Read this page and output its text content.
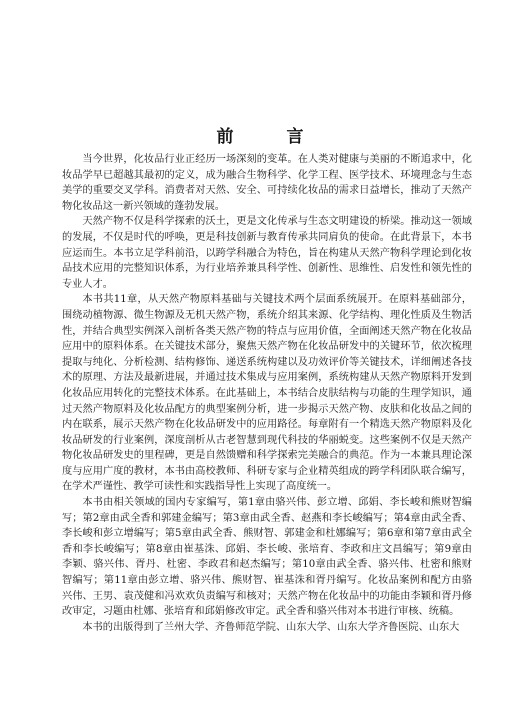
前　言

当今世界，化妆品行业正经历一场深刻的变革。在人类对健康与美丽的不断追求中，化妆品学早已超越其最初的定义，成为融合生物科学、化学工程、医学技术、环境理念与生态美学的重要交叉学科。消费者对天然、安全、可持续化妆品的需求日益增长，推动了天然产物化妆品这一新兴领域的蓬勃发展。

天然产物不仅是科学探索的沃土，更是文化传承与生态文明建设的桥梁。推动这一领域的发展，不仅是时代的呼唤，更是科技创新与教育传承共同肩负的使命。在此背景下，本书应运而生。本书立足学科前沿，以跨学科融合为特色，旨在构建从天然产物科学理论到化妆品技术应用的完整知识体系，为行业培养兼具科学性、创新性、思维性、启发性和领先性的专业人才。

本书共11章，从天然产物原料基础与关键技术两个层面系统展开。在原料基础部分，围绕动植物源、微生物源及无机天然产物，系统介绍其来源、化学结构、理化性质及生物活性，并结合典型实例深入剖析各类天然产物的特点与应用价值，全面阐述天然产物在化妆品应用中的原料体系。在关键技术部分，聚焦天然产物在化妆品研发中的关键环节，依次梳理提取与纯化、分析检测、结构修饰、递送系统构建以及功效评价等关键技术，详细阐述各技术的原理、方法及最新进展，并通过技术集成与应用案例，系统构建从天然产物原料开发到化妆品应用转化的完整技术体系。在此基础上，本书结合皮肤结构与功能的生理学知识，通过天然产物原料及化妆品配方的典型案例分析，进一步揭示天然产物、皮肤和化妆品之间的内在联系，展示天然产物在化妆品研发中的应用路径。每章附有一个精选天然产物原料及化妆品研发的行业案例，深度剖析从古老智慧到现代科技的华丽蜕变。这些案例不仅是天然产物化妆品研发史的里程碑，更是自然馈赠和科学探索完美融合的典范。作为一本兼具理论深度与应用广度的教材，本书由高校教师、科研专家与企业精英组成的跨学科团队联合编写，在学术严谨性、教学可读性和实践指导性上实现了高度统一。

本书由相关领域的国内专家编写，第1章由骆兴伟、彭立增、邱娟、李长峻和熊财智编写；第2章由武全香和郭建金编写；第3章由武全香、赵燕和李长峻编写；第4章由武全香、李长峻和彭立增编写；第5章由武全香、熊财智、郭建金和杜娜编写；第6章和第7章由武全香和李长峻编写；第8章由崔基洙、邱娟、李长峻、张培育、李政和庄文昌编写；第9章由李颖、骆兴伟、胥丹、杜密、李政君和赵杰编写；第10章由武全香、骆兴伟、杜密和熊财智编写；第11章由彭立增、骆兴伟、熊财智、崔基洙和胥丹编写。化妆品案例和配方由骆兴伟、王男、袁茂健和冯欢欢负责编写和核对；天然产物在化妆品中的功能由李颖和胥丹修改审定，习题由杜娜、张培育和邱娟修改审定。武全香和骆兴伟对本书进行审核、统稿。

本书的出版得到了兰州大学、齐鲁师范学院、山东大学、山东大学齐鲁医院、山东大
